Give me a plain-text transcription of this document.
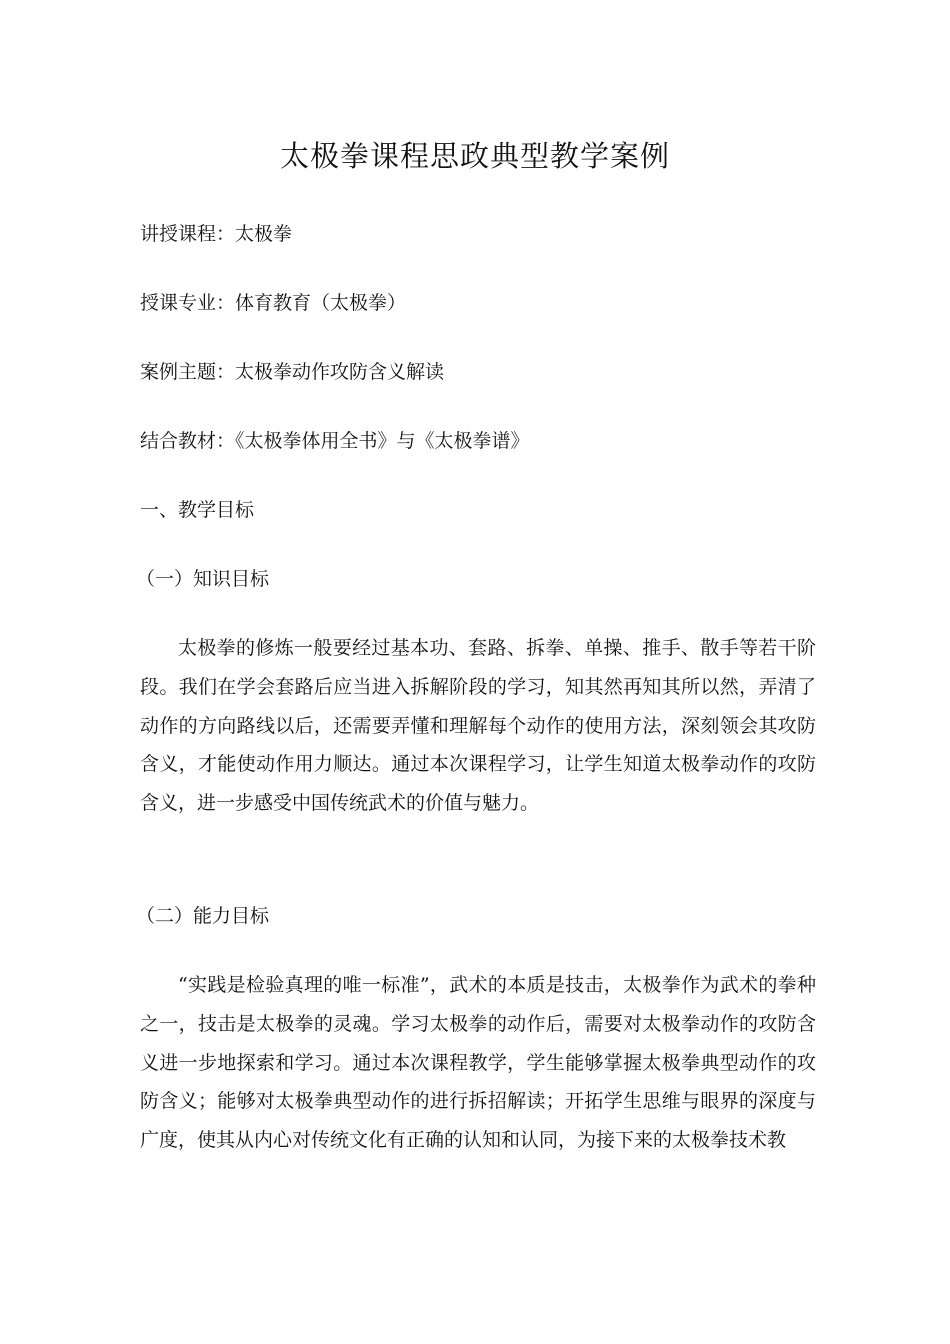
太极拳课程思政典型教学案例
讲授课程：太极拳
授课专业：体育教育（太极拳）
案例主题：太极拳动作攻防含义解读
结合教材：《太极拳体用全书》与《太极拳谱》
一、教学目标
（一）知识目标
太极拳的修炼一般要经过基本功、套路、拆拳、单操、推手、散手等若干阶段。我们在学会套路后应当进入拆解阶段的学习，知其然再知其所以然，弄清了动作的方向路线以后，还需要弄懂和理解每个动作的使用方法，深刻领会其攻防含义，才能使动作用力顺达。通过本次课程学习，让学生知道太极拳动作的攻防含义，进一步感受中国传统武术的价值与魅力。
（二）能力目标
“实践是检验真理的唯一标准”，武术的本质是技击，太极拳作为武术的拳种之一，技击是太极拳的灵魂。学习太极拳的动作后，需要对太极拳动作的攻防含义进一步地探索和学习。通过本次课程教学，学生能够掌握太极拳典型动作的攻防含义；能够对太极拳典型动作的进行拆招解读；开拓学生思维与眼界的深度与广度，使其从内心对传统文化有正确的认知和认同，为接下来的太极拳技术教
